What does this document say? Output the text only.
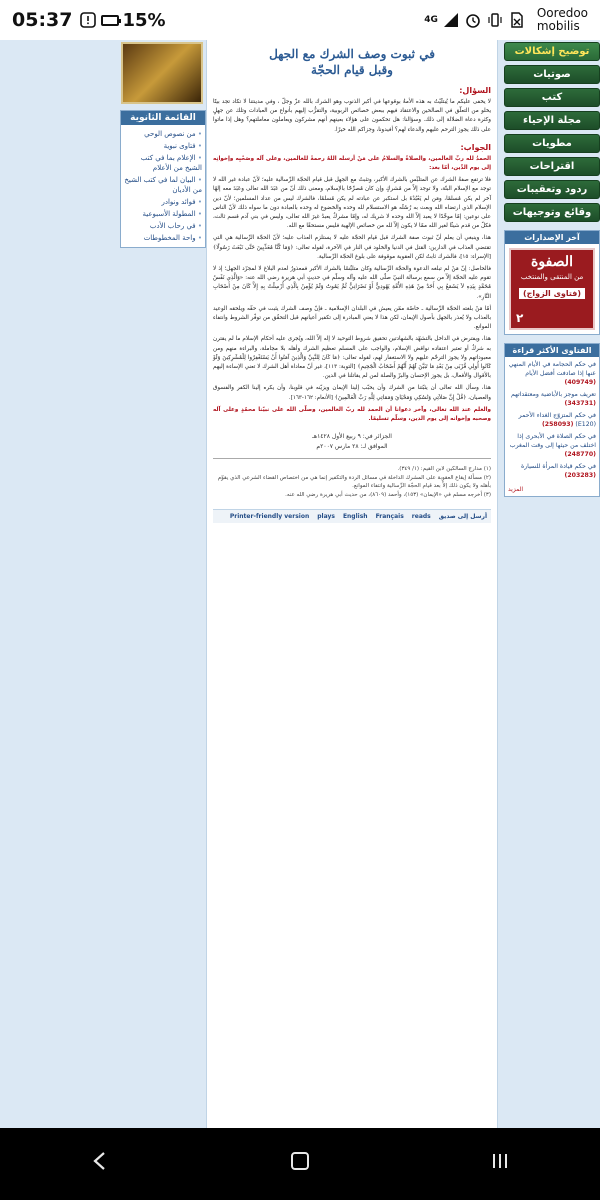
05:37	15%	4G	Ooredoo
mobilis
القائمة الثانوية
• من نصوص الوحي
• فتاوى نبوية
• الإعلام بما في كتب الشيخ من الأعلام
• البيان لما في كتب الشيخ من الأديان
• فوائد ونوادر
• المطولة الأسبوعية
• في رحاب الأدب
• واحة المخطوطات
في ثبوت وصف الشرك مع الجهل
وقبل قيام الحجّة
السؤال:

لا يخفى عليكم ما يُبتلَيْتُ به هذه الأمةُ بوقوعها في أكبر الذنوب وهو الشرك بالله عزّ وجلّ ، وفي مدينتنا لا تكاد تجد بيتًا يخلو من التعلّق في الصالحين والاعتقاد فيهم ببعض خصائص الربوبية، والتقرُّب إليهم بأنواع من العبادات وتلك عن جهلٍ وكثرة دعاة الضلالة إلى ذلك. وسؤالنا: هل تحكمون على هؤلاء بعينهم أنهم مشركون ويعاملون معاملتهم؟ وهل إذا ماتوا على ذلك يجوز الترحم عليهم والدعاء لهم؟ أفيدونا، وجزاكم الله خيرًا.

الجواب:

الحمدُ لله ربِّ العالمين، والصلاةُ والسلامُ على مَنْ أرسله اللهُ رحمةً للعالمين، وعلى آله وصَحْبِه وإخوانِه إلى يوم الدِّين، أمّا بعد:

فلا ترتفع صفةُ الشرك عن المتلبِّس بالشرك الأكبر، وتثبتُ مع الجهل قبل قيام الحجّة الرِّسالية عليه؛ لأنّ عبادة غير الله لا توجد مع الإسلام البتّة، ولا توجد إلاّ من مُشركٍ وإن كان مُصرِّحًا بالإسلام، ومعنى ذلك أنّ من عَبَدَ الله تعالى وعَبَدَ معه إلهًا آخر لم يكن مُسلمًا، ومَن لم يَعْبُدْهُ بل استكبر عن عبادته لم يكن مُسلمًا، فالشرك ليس من عداد المسلمين؛ لأنّ دين الإسلام الذي ارتضاه الله وبعث به رُسُلَه هو الاستسلام لله وحده والخضوع له وحده بالعبادة دون ما سواه ذلك لأنّ الناس على نوعين: إمّا موحِّدًا لا يعبد إلاّ الله وحده لا شريك له، وإمّا مشركٌ يعبدُ غيرَ الله تعالى، وليس في بني آدم قسم ثالث، فكلّ من قدم شيئًا لغير الله ممّا لا يكون إلاّ لله من خصائص الإلهية فليس مستحقًا مع الله.

هذا، وينبغي أن يعلم أنّ ثبوت صفة الشرك قبل قيام الحجّة عليه لا يستلزم العذاب عليه؛ لأنّ الحجّة الرِّسالية هي التي تقتضي العذاب في الدارين: القتل في الدنيا والخلود في النار في الآخرة، لقوله تعالى: ﴿وَمَا كُنَّا مُعَذِّبِينَ حَتَّى نَبْعَثَ رَسُولًا﴾ [الإسراء: ١٥]، فالشرك ثابتٌ لكن العقوبة موقوفة على بلوغ الحجّة الرِّسالية.

فالحاصل: إنّ مَنْ لم تبلغه الدعوة والحجّة الرِّسالية وكان متلبِّسًا بالشرك الأكبر فمعذورٌ لعدم البلاغ لا لمجرّد الجهل؛ إذ لا تقوم عليه الحجّة إلاّ من سمع برسالة النبيّ صلّى الله عليه وآله وسلّم في حديثٍ أبي هريرة رضي الله عنه: «وَالَّذِي نَفْسُ مُحَمَّدٍ بِيَدِهِ لاَ يَسْمَعُ بِي أَحَدٌ مِنْ هَذِهِ الأُمَّةِ يَهُودِيٌّ أَوْ نَصْرَانِيٌّ ثُمَّ يَمُوتُ وَلَمْ يُؤْمِنْ بِالَّذِي أُرْسِلْتُ بِهِ إِلاَّ كَانَ مِنْ أَصْحَابِ النَّارِ».

أمّا مَنْ بلغته الحجّة الرِّسالية ـ خاصّة ممّن يعيش في البلدان الإسلامية ـ فإنّ وصف الشرك يثبت في حقّه ويلحقه الوعيد بالعذاب ولا يُعذر بالجهل بأصول الإيمان، لكن هذا لا يعني المبادرة إلى تكفير أعيانهم قبل التحقّق من توفّر الشروط وانتفاء الموانع.

هذا، ويفترض في الداخل بالتشهّد بالشهادتين تحقيق شروط التوحيد لا إله إلاّ الله، ويُجرى عليه أحكام الإسلام ما لم يقترن به شركٌ أو تعتبر اعتقاده نواقض الإسلام، والواجب على المسلم تعظيم الشرك وأهله بلا مجاملة، والبراءة منهم ومن معبوداتهم ولا يجوز الترحّم عليهم ولا الاستغفار لهم، لقوله تعالى: ﴿مَا كَانَ لِلنَّبِيِّ وَالَّذِينَ آمَنُوا أَنْ يَسْتَغْفِرُوا لِلْمُشْرِكِينَ وَلَوْ كَانُوا أُولِي قُرْبَى مِنْ بَعْدِ مَا تَبَيَّنَ لَهُمْ أَنَّهُمْ أَصْحَابُ الْجَحِيمِ﴾ [التوبة: ١١٣]، غير أنّ معاداة أهل الشرك لا تعني الإساءة إليهم بالأقوال والأفعال، بل يجوز الإحسان والبرّ والصلة لمن لم يقاتلنا في الدين.

هذا، وسأل الله تعالى أن يثبّتنا من الشرك وأن يحبّب إلينا الإيمان ويزيّنه في قلوبنا، وأن يكره إلينا الكفر والفسوق والعصيان، ﴿قُلْ إِنَّ صَلاَتِي وَنُسُكِي وَمَحْيَايَ وَمَمَاتِي لِلَّهِ رَبِّ الْعَالَمِينَ﴾ [الأنعام: ١٦٢-١٦٣].

والعلم عند الله تعالى، وآخر دعوانا أن الحمد لله ربّ العالمين، وصلّى الله على نبيّنا محمّدٍ وعلى آله وصحبه وإخوانه إلى يوم الدين، وسلّم تسليمًا.

الجزائر في: ٩ ربيع الأول ١٤٢٨هـ
الموافق لـ: ٢٨ مارس ٢٠٠٧م
(١) مدارج السالكين لابن القيم: (١/ ٣٤٩).
(٢) مسألة إيقاع العقوبة على المشرك الداخلة في مسائل الردة والتكفير إنما هي من اختصاص القضاء الشرعي الذي يقوّم بأهله ولا يكون ذلك إلاّ بعد قيام الحجّة الرِّسالية وانتفاء الموانع.
(٣) أخرجه مسلم في «الإيمان» (١٥٣)، وأحمد (٨٦٠٩)، من حديث أبي هريرة رضي الله عنه.
Printer-friendly version plays English Français reads أرسل إلى صديق
توضيح إشكالات
صوتيات
كتب
مجلة الإحياء
مطويات
اقتراحات
ردود وتعقيبات
وقائع وتوجيهات
آخر الإصدارات
الصفوة
من المنتقى والمنتخب
(فتاوى الزواج)
٢
الفتاوى الأكثر قراءة
في حكم الحجامة في الأيام المنهي عنها إذا صادفت أفضل الأيام (409749)
تعريف موجز بالأباضية ومعتقداتهم (343731)
في حكم المتزوّج الغداء الأحمر (E120) (258093)
في حكم الصلاة في الأبحرى إذا اختلف من حيثها إلى وقت المغرب (248770)
في حكم قيادة المرأة للسيارة (203283)
المزيد
